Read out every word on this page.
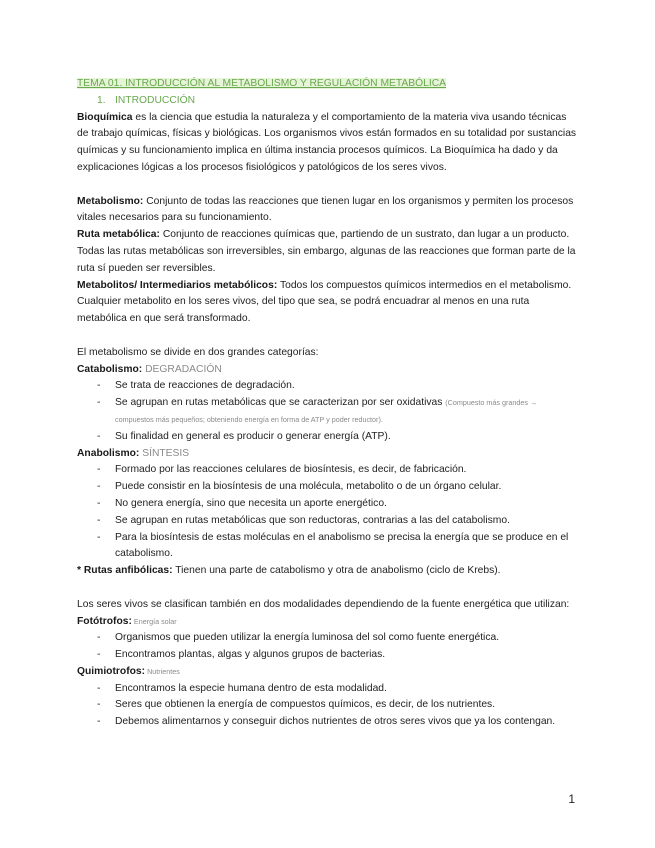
TEMA 01. INTRODUCCIÓN AL METABOLISMO Y REGULACIÓN METABÓLICA

1. INTRODUCCIÓN

Bioquímica es la ciencia que estudia la naturaleza y el comportamiento de la materia viva usando técnicas de trabajo químicas, físicas y biológicas. Los organismos vivos están formados en su totalidad por sustancias químicas y su funcionamiento implica en última instancia procesos químicos. La Bioquímica ha dado y da explicaciones lógicas a los procesos fisiológicos y patológicos de los seres vivos.

Metabolismo: Conjunto de todas las reacciones que tienen lugar en los organismos y permiten los procesos vitales necesarios para su funcionamiento.

Ruta metabólica: Conjunto de reacciones químicas que, partiendo de un sustrato, dan lugar a un producto. Todas las rutas metabólicas son irreversibles, sin embargo, algunas de las reacciones que forman parte de la ruta sí pueden ser reversibles.

Metabolitos/ Intermediarios metabólicos: Todos los compuestos químicos intermedios en el metabolismo. Cualquier metabolito en los seres vivos, del tipo que sea, se podrá encuadrar al menos en una ruta metabólica en que será transformado.

El metabolismo se divide en dos grandes categorías:

Catabolismo: DEGRADACIÓN

- Se trata de reacciones de degradación.
- Se agrupan en rutas metabólicas que se caracterizan por ser oxidativas (Compuesto más grandes → compuestos más pequeños; obteniendo energía en forma de ATP y poder reductor).
- Su finalidad en general es producir o generar energía (ATP).

Anabolismo: SÍNTESIS

- Formado por las reacciones celulares de biosíntesis, es decir, de fabricación.
- Puede consistir en la biosíntesis de una molécula, metabolito o de un órgano celular.
- No genera energía, sino que necesita un aporte energético.
- Se agrupan en rutas metabólicas que son reductoras, contrarias a las del catabolismo.
- Para la biosíntesis de estas moléculas en el anabolismo se precisa la energía que se produce en el catabolismo.

* Rutas anfibólicas: Tienen una parte de catabolismo y otra de anabolismo (ciclo de Krebs).

Los seres vivos se clasifican también en dos modalidades dependiendo de la fuente energética que utilizan:

Fotótrofos: Energía solar

- Organismos que pueden utilizar la energía luminosa del sol como fuente energética.
- Encontramos plantas, algas y algunos grupos de bacterias.

Quimiotrofos: Nutrientes

- Encontramos la especie humana dentro de esta modalidad.
- Seres que obtienen la energía de compuestos químicos, es decir, de los nutrientes.
- Debemos alimentarnos y conseguir dichos nutrientes de otros seres vivos que ya los contengan.
1
